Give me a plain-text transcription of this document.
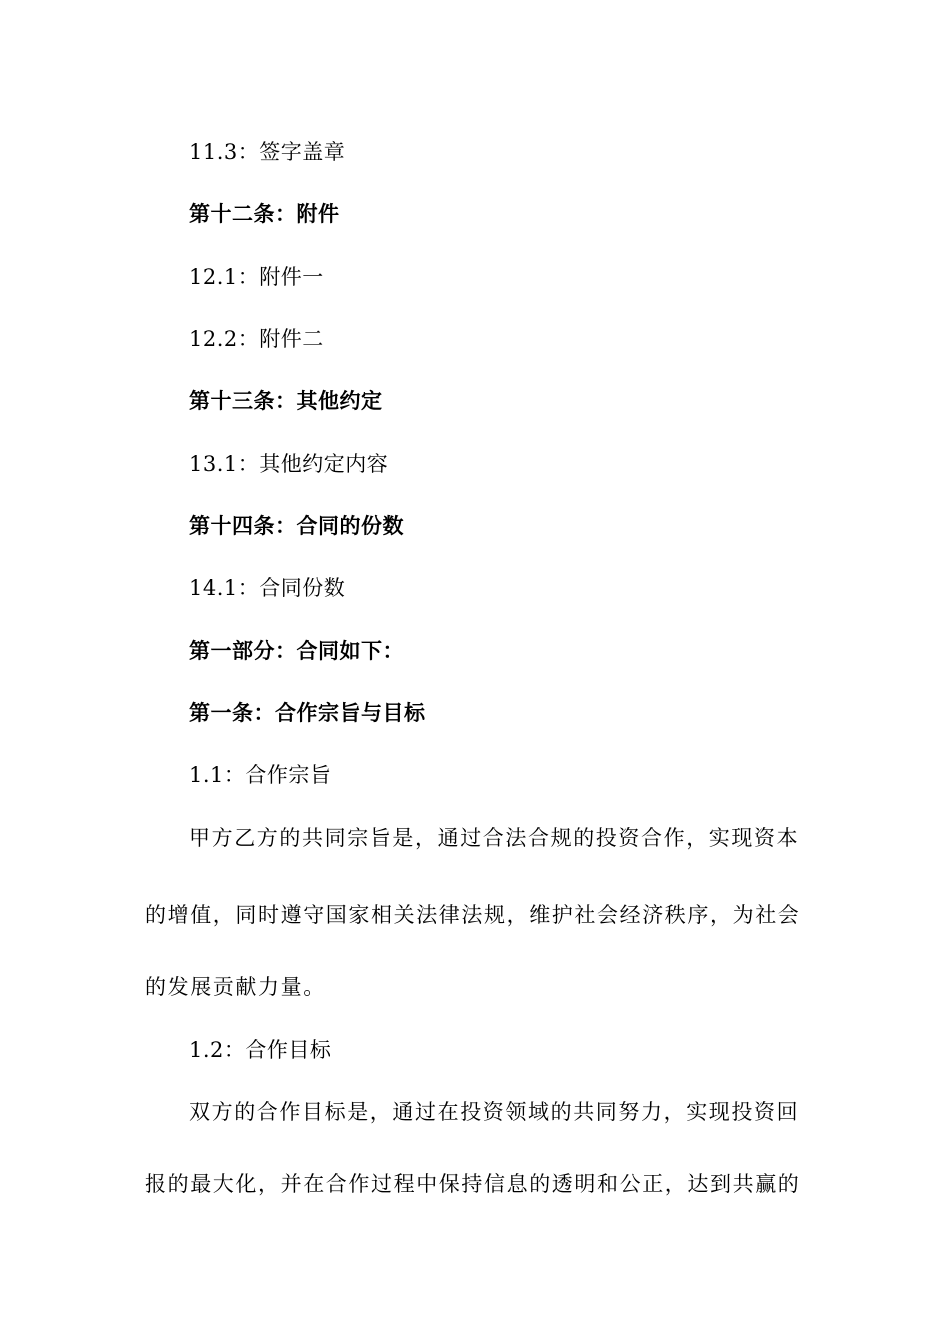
11.3：签字盖章
第十二条：附件
12.1：附件一
12.2：附件二
第十三条：其他约定
13.1：其他约定内容
第十四条：合同的份数
14.1：合同份数
第一部分：合同如下：
第一条：合作宗旨与目标
1.1：合作宗旨
甲方乙方的共同宗旨是，通过合法合规的投资合作，实现资本
的增值，同时遵守国家相关法律法规，维护社会经济秩序，为社会
的发展贡献力量。
1.2：合作目标
双方的合作目标是，通过在投资领域的共同努力，实现投资回
报的最大化，并在合作过程中保持信息的透明和公正，达到共赢的
